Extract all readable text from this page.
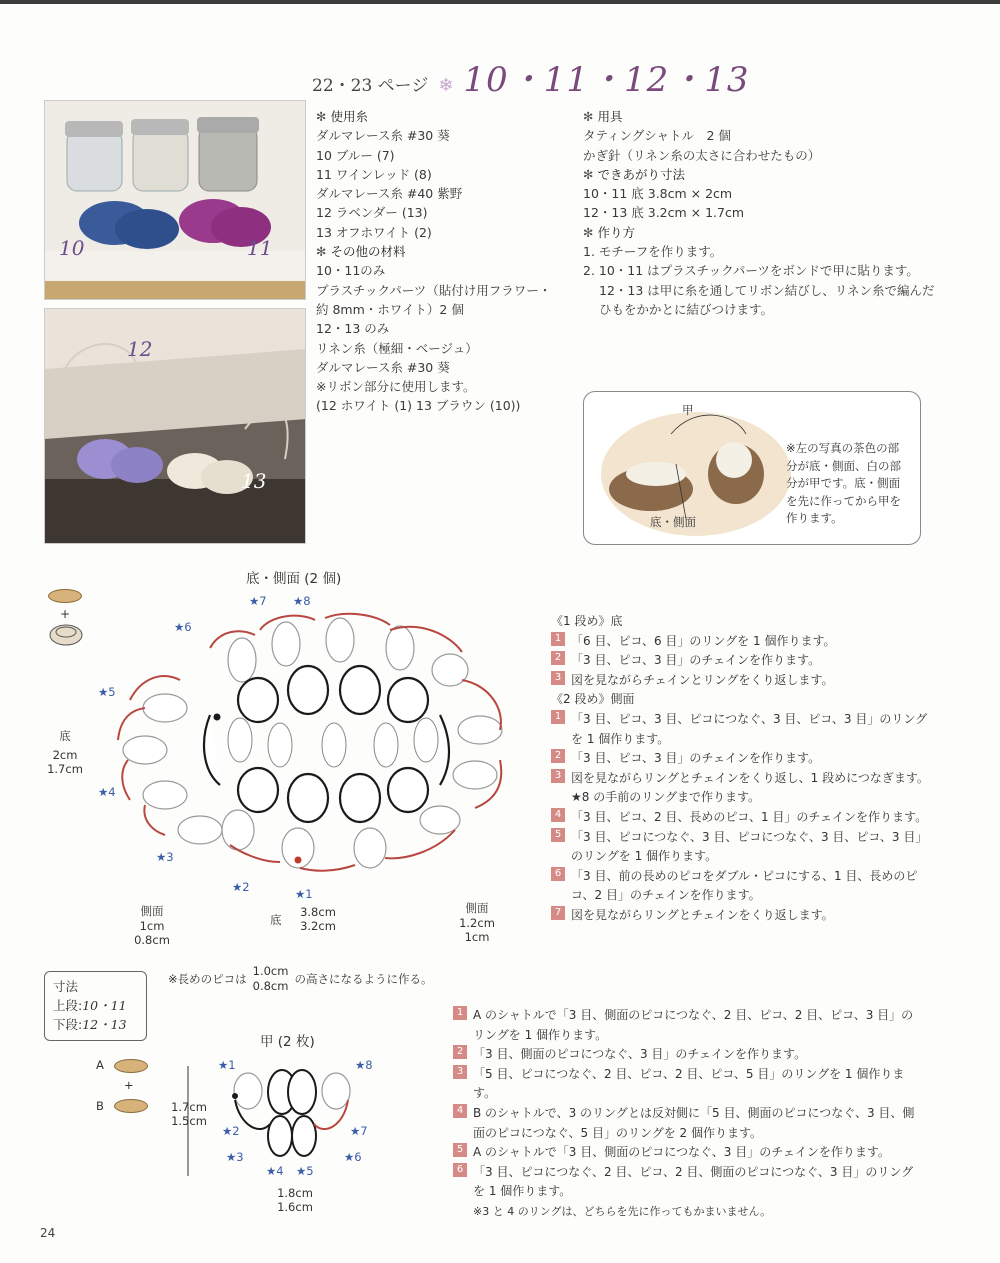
22・23 ページ ❄ 10・11・12・13
10	11
12
13
✻ 使用糸
ダルマレース糸 #30 葵
10 ブルー (7)
11 ワインレッド (8)
ダルマレース糸 #40 紫野
12 ラベンダー (13)
13 オフホワイト (2)
✻ その他の材料
10・11のみ
プラスチックパーツ（貼付け用フラワー・
約 8mm・ホワイト）2 個
12・13 のみ
リネン糸（極細・ベージュ）
ダルマレース糸 #30 葵
※リボン部分に使用します。
(12 ホワイト (1) 13 ブラウン (10))
✻ 用具
タティングシャトル　2 個
かぎ針（リネン糸の太さに合わせたもの）
✻ できあがり寸法
10・11 底 3.8cm × 2cm
12・13 底 3.2cm × 1.7cm
✻ 作り方
1. モチーフを作ります。
2. 10・11 はプラスチックパーツをボンドで甲に貼ります。
12・13 は甲に糸を通してリボン結びし、リネン糸で編んだ
ひもをかかとに結びつけます。
甲
底・側面
※左の写真の茶色の部
分が底・側面、白の部
分が甲です。底・側面
を先に作ってから甲を
作ります。
底・側面 (2 個)
+
★1
★2
★3
★4
★5
★6
★7 ★8
底
2cm
1.7cm
側面
1cm
0.8cm
底
3.8cm
3.2cm
側面
1.2cm
1cm
※長めのピコは
1.0cm
0.8cm の高さになるように作る。
寸法
上段:10・11
下段:12・13
《1 段め》底
1 「6 目、ピコ、6 目」のリングを 1 個作ります。
2 「3 目、ピコ、3 目」のチェインを作ります。
3 図を見ながらチェインとリングをくり返します。
《2 段め》側面
1 「3 目、ピコ、3 目、ピコにつなぐ、3 目、ピコ、3 目」のリングを 1 個作ります。
2 「3 目、ピコ、3 目」のチェインを作ります。
3 図を見ながらリングとチェインをくり返し、1 段めにつなぎます。★8 の手前のリングまで作ります。
4 「3 目、ピコ、2 目、長めのピコ、1 目」のチェインを作ります。
5 「3 目、ピコにつなぐ、3 目、ピコにつなぐ、3 目、ピコ、3 目」のリングを 1 個作ります。
6 「3 目、前の長めのピコをダブル・ピコにする、1 目、長めのピコ、2 目」のチェインを作ります。
7 図を見ながらリングとチェインをくり返します。
甲 (2 枚)
A
+
B
★1
★2
★3
★4 ★5
★6
★7
★8
1.7cm
1.5cm
1.8cm
1.6cm
1 A のシャトルで「3 目、側面のピコにつなぐ、2 目、ピコ、2 目、ピコ、3 目」のリングを 1 個作ります。
2 「3 目、側面のピコにつなぐ、3 目」のチェインを作ります。
3 「5 目、ピコにつなぐ、2 目、ピコ、2 目、ピコ、5 目」のリングを 1 個作ります。
4 B のシャトルで、3 のリングとは反対側に「5 目、側面のピコにつなぐ、3 目、側面のピコにつなぐ、5 目」のリングを 2 個作ります。
5 A のシャトルで「3 目、側面のピコにつなぐ、3 目」のチェインを作ります。
6 「3 目、ピコにつなぐ、2 目、ピコ、2 目、側面のピコにつなぐ、3 目」のリングを 1 個作ります。
※3 と 4 のリングは、どちらを先に作ってもかまいません。
24
